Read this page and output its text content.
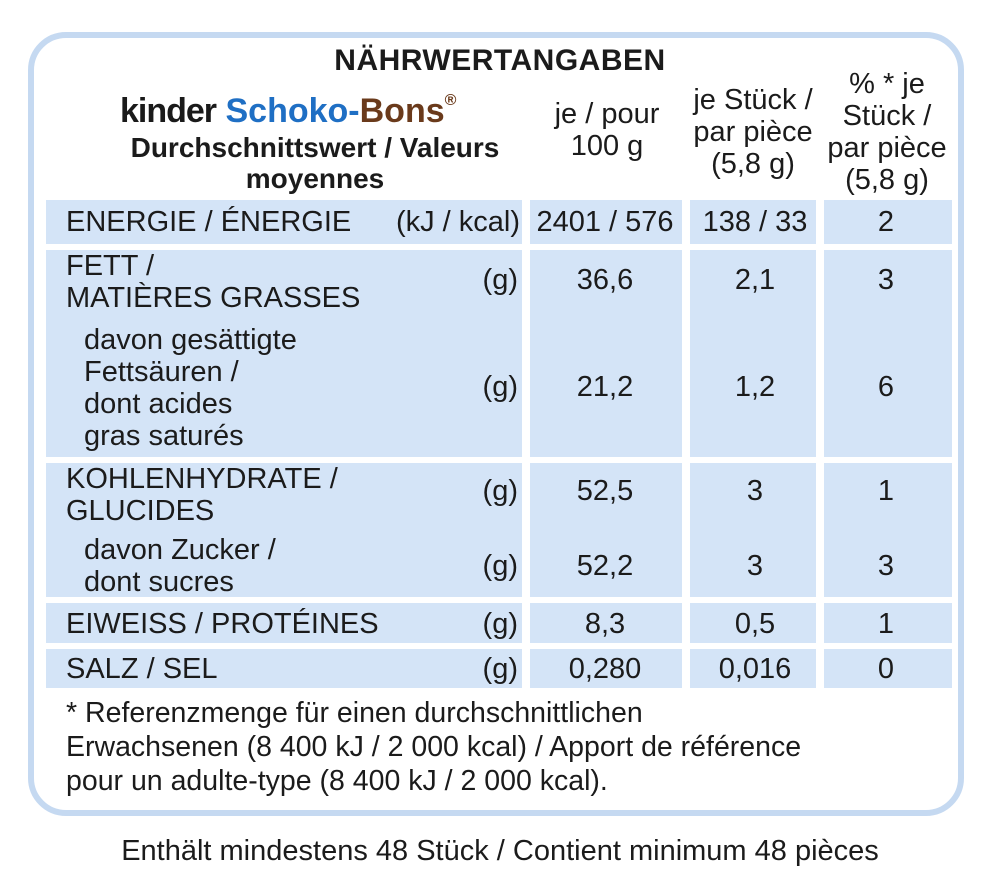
NÄHRWERTANGABEN
kinder Schoko-Bons®
Durchschnittswert / Valeurs
moyennes
je / pour
100 g
je Stück /
par pièce
(5,8 g)
% * je
Stück /
par pièce
(5,8 g)
ENERGIE / ÉNERGIE	(kJ / kcal) 2401 / 576	138 / 33	2
FETT /
MATIÈRES GRASSES
(g)	36,6	2,1	3
davon gesättigte
Fettsäuren /
dont acides
gras saturés
(g)	21,2	1,2	6
KOHLENHYDRATE /
GLUCIDES
(g)	52,5	3	1
davon Zucker /
dont sucres	(g)	52,2	3	3
EIWEISS / PROTÉINES	(g)	8,3	0,5	1
SALZ / SEL	(g)	0,280	0,016	0
* Referenzmenge für einen durchschnittlichen
Erwachsenen (8 400 kJ / 2 000 kcal) / Apport de référence
pour un adulte-type (8 400 kJ / 2 000 kcal).
Enthält mindestens 48 Stück / Contient minimum 48 pièces
